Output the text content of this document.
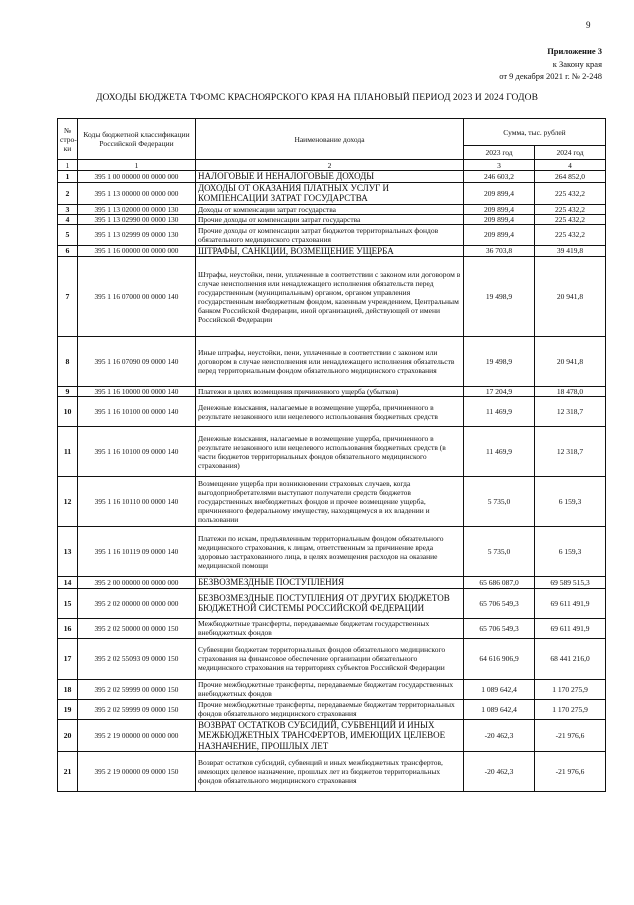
9
Приложение 3
к Закону края
от 9 декабря 2021 г. № 2-248
ДОХОДЫ БЮДЖЕТА ТФОМС КРАСНОЯРСКОГО КРАЯ НА ПЛАНОВЫЙ ПЕРИОД 2023 И 2024 ГОДОВ
№ стро-ки	Коды бюджетной классификации Российской Федерации	Наименование дохода	Сумма, тыс. рублей	
			2023 год	2024 год
1	1	2	3	4
1	395 1 00 00000 00 0000 000	НАЛОГОВЫЕ И НЕНАЛОГОВЫЕ ДОХОДЫ	246 603,2	264 852,0
2	395 1 13 00000 00 0000 000	ДОХОДЫ ОТ ОКАЗАНИЯ ПЛАТНЫХ УСЛУГ И КОМПЕНСАЦИИ ЗАТРАТ ГОСУДАРСТВА	209 899,4	225 432,2
3	395 1 13 02000 00 0000 130	Доходы от компенсации затрат государства	209 899,4	225 432,2
4	395 1 13 02990 00 0000 130	Прочие доходы от компенсации затрат государства	209 899,4	225 432,2
5	395 1 13 02999 09 0000 130	Прочие доходы от компенсации затрат бюджетов территориальных фондов обязательного медицинского страхования	209 899,4	225 432,2
6	395 1 16 00000 00 0000 000	ШТРАФЫ, САНКЦИИ, ВОЗМЕЩЕНИЕ УЩЕРБА	36 703,8	39 419,8
7	395 1 16 07000 00 0000 140	Штрафы, неустойки, пени, уплаченные в соответствии с законом или договором в случае неисполнения или ненадлежащего исполнения обязательств перед государственным (муниципальным) органом, органом управления государственным внебюджетным фондом, казенным учреждением, Центральным банком Российской Федерации, иной организацией, действующей от имени Российской Федерации	19 498,9	20 941,8
8	395 1 16 07090 09 0000 140	Иные штрафы, неустойки, пени, уплаченные в соответствии с законом или договором в случае неисполнения или ненадлежащего исполнения обязательств перед территориальным фондом обязательного медицинского страхования	19 498,9	20 941,8
9	395 1 16 10000 00 0000 140	Платежи в целях возмещения причиненного ущерба (убытков)	17 204,9	18 478,0
10	395 1 16 10100 00 0000 140	Денежные взыскания, налагаемые в возмещение ущерба, причиненного в результате незаконного или нецелевого использования бюджетных средств	11 469,9	12 318,7
11	395 1 16 10100 09 0000 140	Денежные взыскания, налагаемые в возмещение ущерба, причиненного в результате незаконного или нецелевого использования бюджетных средств (в части бюджетов территориальных фондов обязательного медицинского страхования)	11 469,9	12 318,7
12	395 1 16 10110 00 0000 140	Возмещение ущерба при возникновении страховых случаев, когда выгодоприобретателями выступают получатели средств бюджетов государственных внебюджетных фондов и прочее возмещение ущерба, причиненного федеральному имуществу, находящемуся в их владении и пользовании	5 735,0	6 159,3
13	395 1 16 10119 09 0000 140	Платежи по искам, предъявленным территориальным фондом обязательного медицинского страхования, к лицам, ответственным за причинение вреда здоровью застрахованного лица, в целях возмещения расходов на оказание медицинской помощи	5 735,0	6 159,3
14	395 2 00 00000 00 0000 000	БЕЗВОЗМЕЗДНЫЕ ПОСТУПЛЕНИЯ	65 686 087,0	69 589 515,3
15	395 2 02 00000 00 0000 000	БЕЗВОЗМЕЗДНЫЕ ПОСТУПЛЕНИЯ ОТ ДРУГИХ БЮДЖЕТОВ БЮДЖЕТНОЙ СИСТЕМЫ РОССИЙСКОЙ ФЕДЕРАЦИИ	65 706 549,3	69 611 491,9
16	395 2 02 50000 00 0000 150	Межбюджетные трансферты, передаваемые бюджетам государственных внебюджетных фондов	65 706 549,3	69 611 491,9
17	395 2 02 55093 09 0000 150	Субвенции бюджетам территориальных фондов обязательного медицинского страхования на финансовое обеспечение организации обязательного медицинского страхования на территориях субъектов Российской Федерации	64 616 906,9	68 441 216,0
18	395 2 02 59999 00 0000 150	Прочие межбюджетные трансферты, передаваемые бюджетам государственных внебюджетных фондов	1 089 642,4	1 170 275,9
19	395 2 02 59999 09 0000 150	Прочие межбюджетные трансферты, передаваемые бюджетам территориальных фондов обязательного медицинского страхования	1 089 642,4	1 170 275,9
20	395 2 19 00000 00 0000 000	ВОЗВРАТ ОСТАТКОВ СУБСИДИЙ, СУБВЕНЦИЙ И ИНЫХ МЕЖБЮДЖЕТНЫХ ТРАНСФЕРТОВ, ИМЕЮЩИХ ЦЕЛЕВОЕ НАЗНАЧЕНИЕ, ПРОШЛЫХ ЛЕТ	-20 462,3	-21 976,6
21	395 2 19 00000 09 0000 150	Возврат остатков субсидий, субвенций и иных межбюджетных трансфертов, имеющих целевое назначение, прошлых лет из бюджетов территориальных фондов обязательного медицинского страхования	-20 462,3	-21 976,6
